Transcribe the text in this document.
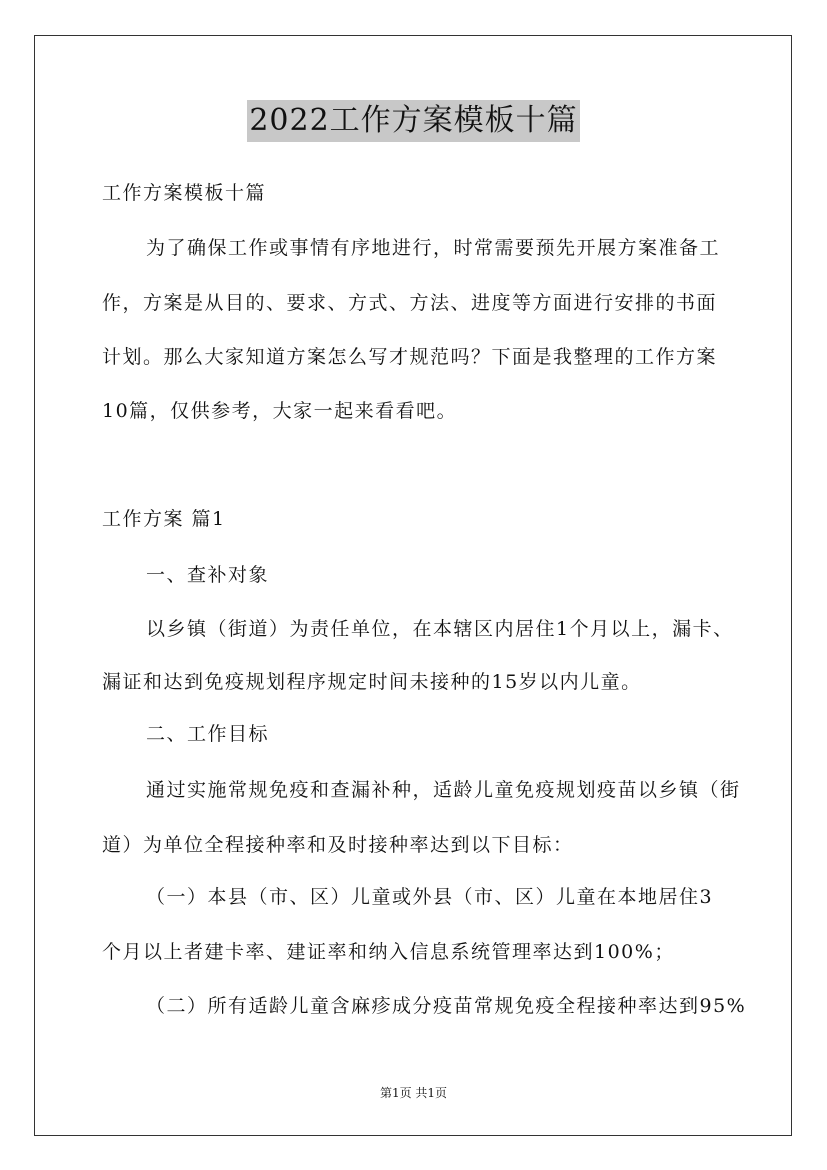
2022工作方案模板十篇
工作方案模板十篇
为了确保工作或事情有序地进行，时常需要预先开展方案准备工
作，方案是从目的、要求、方式、方法、进度等方面进行安排的书面
计划。那么大家知道方案怎么写才规范吗？下面是我整理的工作方案
10篇，仅供参考，大家一起来看看吧。
工作方案 篇1
一、查补对象
以乡镇（街道）为责任单位，在本辖区内居住1个月以上，漏卡、
漏证和达到免疫规划程序规定时间未接种的15岁以内儿童。
二、工作目标
通过实施常规免疫和查漏补种，适龄儿童免疫规划疫苗以乡镇（街
道）为单位全程接种率和及时接种率达到以下目标：
（一）本县（市、区）儿童或外县（市、区）儿童在本地居住3
个月以上者建卡率、建证率和纳入信息系统管理率达到100%；
（二）所有适龄儿童含麻疹成分疫苗常规免疫全程接种率达到95%
第1页 共1页
